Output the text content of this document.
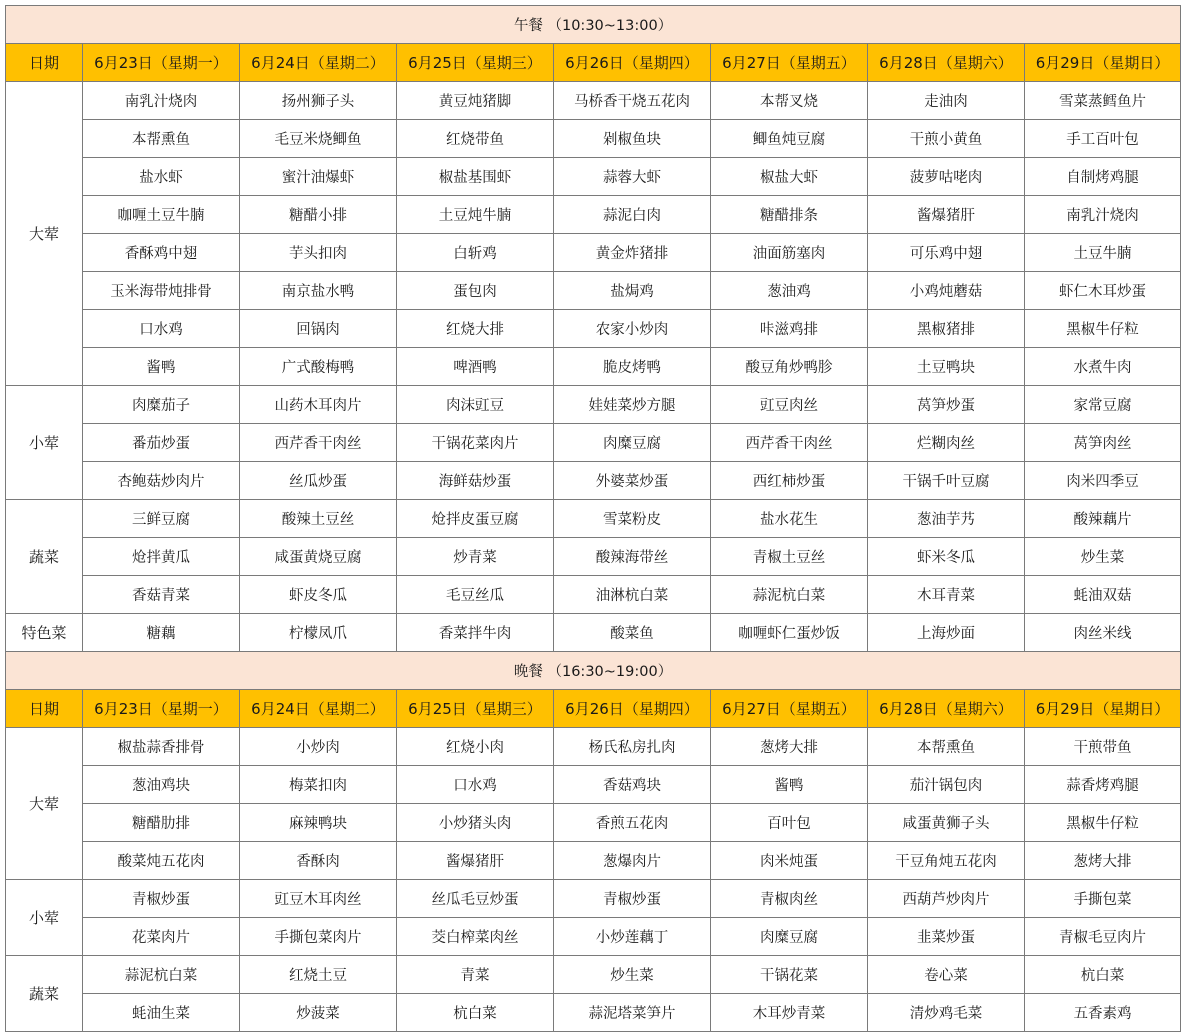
午餐 （10:30~13:00）							
日期	6月23日（星期一）	6月24日（星期二）	6月25日（星期三）	6月26日（星期四）	6月27日（星期五）	6月28日（星期六）	6月29日（星期日）
大荤	南乳汁烧肉	扬州狮子头	黄豆炖猪脚	马桥香干烧五花肉	本帮叉烧	走油肉	雪菜蒸鳕鱼片
	本帮熏鱼	毛豆米烧鲫鱼	红烧带鱼	剁椒鱼块	鲫鱼炖豆腐	干煎小黄鱼	手工百叶包
	盐水虾	蜜汁油爆虾	椒盐基围虾	蒜蓉大虾	椒盐大虾	菠萝咕咾肉	自制烤鸡腿
	咖喱土豆牛腩	糖醋小排	土豆炖牛腩	蒜泥白肉	糖醋排条	酱爆猪肝	南乳汁烧肉
	香酥鸡中翅	芋头扣肉	白斩鸡	黄金炸猪排	油面筋塞肉	可乐鸡中翅	土豆牛腩
	玉米海带炖排骨	南京盐水鸭	蛋包肉	盐焗鸡	葱油鸡	小鸡炖蘑菇	虾仁木耳炒蛋
	口水鸡	回锅肉	红烧大排	农家小炒肉	咔滋鸡排	黑椒猪排	黑椒牛仔粒
	酱鸭	广式酸梅鸭	啤酒鸭	脆皮烤鸭	酸豆角炒鸭胗	土豆鸭块	水煮牛肉
小荤	肉糜茄子	山药木耳肉片	肉沫豇豆	娃娃菜炒方腿	豇豆肉丝	莴笋炒蛋	家常豆腐
	番茄炒蛋	西芹香干肉丝	干锅花菜肉片	肉糜豆腐	西芹香干肉丝	烂糊肉丝	莴笋肉丝
	杏鲍菇炒肉片	丝瓜炒蛋	海鲜菇炒蛋	外婆菜炒蛋	西红柿炒蛋	干锅千叶豆腐	肉米四季豆
蔬菜	三鲜豆腐	酸辣土豆丝	炝拌皮蛋豆腐	雪菜粉皮	盐水花生	葱油芋艿	酸辣藕片
	炝拌黄瓜	咸蛋黄烧豆腐	炒青菜	酸辣海带丝	青椒土豆丝	虾米冬瓜	炒生菜
	香菇青菜	虾皮冬瓜	毛豆丝瓜	油淋杭白菜	蒜泥杭白菜	木耳青菜	蚝油双菇
特色菜	糖藕	柠檬凤爪	香菜拌牛肉	酸菜鱼	咖喱虾仁蛋炒饭	上海炒面	肉丝米线
晚餐 （16:30~19:00）							
日期	6月23日（星期一）	6月24日（星期二）	6月25日（星期三）	6月26日（星期四）	6月27日（星期五）	6月28日（星期六）	6月29日（星期日）
大荤	椒盐蒜香排骨	小炒肉	红烧小肉	杨氏私房扎肉	葱烤大排	本帮熏鱼	干煎带鱼
	葱油鸡块	梅菜扣肉	口水鸡	香菇鸡块	酱鸭	茄汁锅包肉	蒜香烤鸡腿
	糖醋肋排	麻辣鸭块	小炒猪头肉	香煎五花肉	百叶包	咸蛋黄狮子头	黑椒牛仔粒
	酸菜炖五花肉	香酥肉	酱爆猪肝	葱爆肉片	肉米炖蛋	干豆角炖五花肉	葱烤大排
小荤	青椒炒蛋	豇豆木耳肉丝	丝瓜毛豆炒蛋	青椒炒蛋	青椒肉丝	西葫芦炒肉片	手撕包菜
	花菜肉片	手撕包菜肉片	茭白榨菜肉丝	小炒莲藕丁	肉糜豆腐	韭菜炒蛋	青椒毛豆肉片
蔬菜	蒜泥杭白菜	红烧土豆	青菜	炒生菜	干锅花菜	卷心菜	杭白菜
	蚝油生菜	炒菠菜	杭白菜	蒜泥塔菜笋片	木耳炒青菜	清炒鸡毛菜	五香素鸡
